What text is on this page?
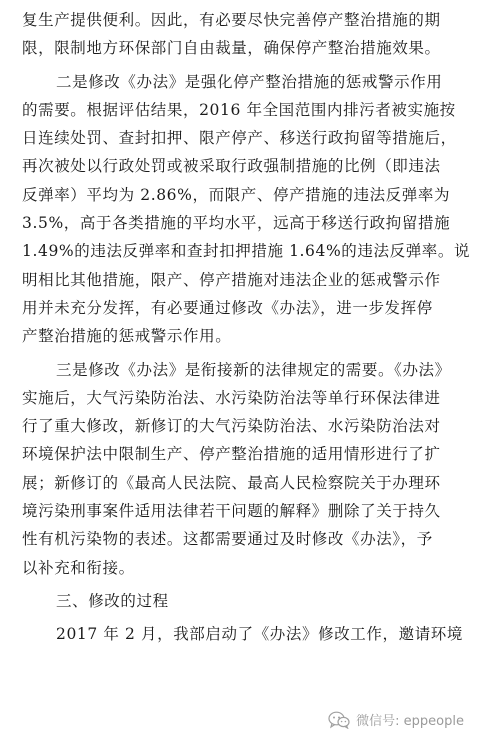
复生产提供便利。因此，有必要尽快完善停产整治措施的期
限，限制地方环保部门自由裁量，确保停产整治措施效果。
二是修改《办法》是强化停产整治措施的惩戒警示作用
的需要。根据评估结果，2016 年全国范围内排污者被实施按
日连续处罚、查封扣押、限产停产、移送行政拘留等措施后，
再次被处以行政处罚或被采取行政强制措施的比例（即违法
反弹率）平均为 2.86%，而限产、停产措施的违法反弹率为
3.5%，高于各类措施的平均水平，远高于移送行政拘留措施
1.49%的违法反弹率和查封扣押措施 1.64%的违法反弹率。说
明相比其他措施，限产、停产措施对违法企业的惩戒警示作
用并未充分发挥，有必要通过修改《办法》，进一步发挥停
产整治措施的惩戒警示作用。
三是修改《办法》是衔接新的法律规定的需要。《办法》
实施后，大气污染防治法、水污染防治法等单行环保法律进
行了重大修改，新修订的大气污染防治法、水污染防治法对
环境保护法中限制生产、停产整治措施的适用情形进行了扩
展；新修订的《最高人民法院、最高人民检察院关于办理环
境污染刑事案件适用法律若干问题的解释》删除了关于持久
性有机污染物的表述。这都需要通过及时修改《办法》，予
以补充和衔接。
三、修改的过程
2017 年 2 月，我部启动了《办法》修改工作，邀请环境
微信号: eppeople
